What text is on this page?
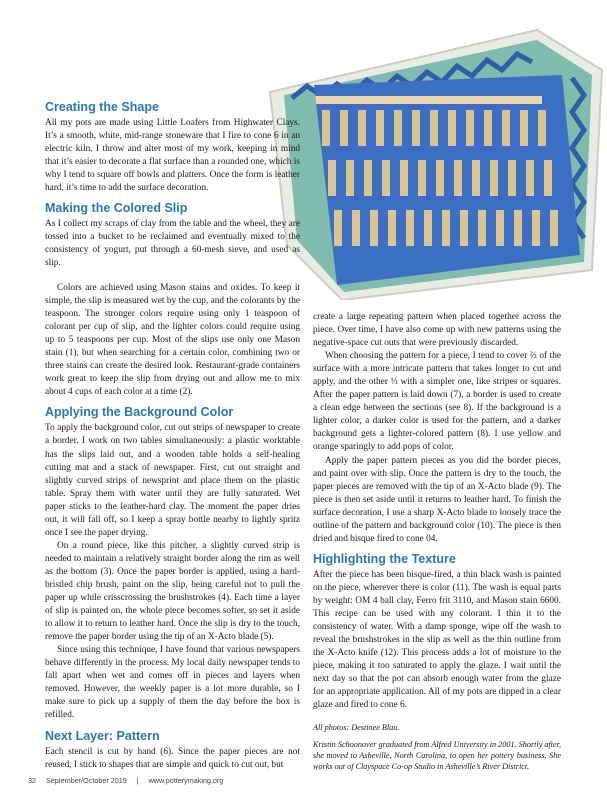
Creating the Shape

All my pots are made using Little Loafers from Highwater Clays. It’s a smooth, white, mid-range stoneware that I fire to cone 6 in an electric kiln. I throw and alter most of my work, keeping in mind that it’s easier to decorate a flat surface than a rounded one, which is why I tend to square off bowls and platters. Once the form is leather hard, it’s time to add the surface decoration.

Making the Colored Slip

As I collect my scraps of clay from the table and the wheel, they are tossed into a bucket to be reclaimed and eventually mixed to the consistency of yogurt, put through a 60-mesh sieve, and used as slip.

Colors are achieved using Mason stains and oxides. To keep it simple, the slip is measured wet by the cup, and the colorants by the teaspoon. The stronger colors require using only 1 teaspoon of colorant per cup of slip, and the lighter colors could require using up to 5 teaspoons per cup. Most of the slips use only one Mason stain (1), but when searching for a certain color, combining two or three stains can create the desired look. Restaurant-grade containers work great to keep the slip from drying out and allow me to mix about 4 cups of each color at a time (2).

Applying the Background Color

To apply the background color, cut out strips of newspaper to create a border. I work on two tables simultaneously: a plastic worktable has the slips laid out, and a wooden table holds a self-healing cutting mat and a stack of newspaper. First, cut out straight and slightly curved strips of newsprint and place them on the plastic table. Spray them with water until they are fully saturated. Wet paper sticks to the leather-hard clay. The moment the paper dries out, it will fall off, so I keep a spray bottle nearby to lightly spritz once I see the paper drying.

On a round piece, like this pitcher, a slightly curved strip is needed to maintain a relatively straight border along the rim as well as the bottom (3). Once the paper border is applied, using a hard-bristled chip brush, paint on the slip, being careful not to pull the paper up while crisscrossing the brushstrokes (4). Each time a layer of slip is painted on, the whole piece becomes softer, so set it aside to allow it to return to leather hard. Once the slip is dry to the touch, remove the paper border using the tip of an X-Acto blade (5).

Since using this technique, I have found that various newspapers behave differently in the process. My local daily newspaper tends to fall apart when wet and comes off in pieces and layers when removed. However, the weekly paper is a lot more durable, so I make sure to pick up a supply of them the day before the box is refilled.

Next Layer: Pattern

Each stencil is cut by hand (6). Since the paper pieces are not reused, I stick to shapes that are simple and quick to cut out, but

create a large repeating pattern when placed together across the piece. Over time, I have also come up with new patterns using the negative-space cut outs that were previously discarded.

When choosing the pattern for a piece, I tend to cover ⅔ of the surface with a more intricate pattern that takes longer to cut and apply, and the other ⅓ with a simpler one, like stripes or squares. After the paper pattern is laid down (7), a border is used to create a clean edge between the sections (see 8). If the background is a lighter color, a darker color is used for the pattern, and a darker background gets a lighter-colored pattern (8). I use yellow and orange sparingly to add pops of color.

Apply the paper pattern pieces as you did the border pieces, and paint over with slip. Once the pattern is dry to the touch, the paper pieces are removed with the tip of an X-Acto blade (9). The piece is then set aside until it returns to leather hard. To finish the surface decoration, I use a sharp X-Acto blade to loosely trace the outline of the pattern and background color (10). The piece is then dried and bisque fired to cone 04.

Highlighting the Texture

After the piece has been bisque-fired, a thin black wash is painted on the piece, wherever there is color (11). The wash is equal parts by weight: OM 4 ball clay, Ferro frit 3110, and Mason stain 6600. This recipe can be used with any colorant. I thin it to the consistency of water. With a damp sponge, wipe off the wash to reveal the brushstrokes in the slip as well as the thin outline from the X-Acto knife (12). This process adds a lot of moisture to the piece, making it too saturated to apply the glaze. I wait until the next day so that the pot can absorb enough water from the glaze for an appropriate application. All of my pots are dipped in a clear glaze and fired to cone 6.

All photos: Destinee Blau.

Kristin Schoonover graduated from Alfred University in 2001. Shortly after, she moved to Asheville, North Carolina, to open her pottery business. She works out of Clayspace Co-op Studio in Asheville’s River District.

32 September/October 2019 | www.potterymaking.org
